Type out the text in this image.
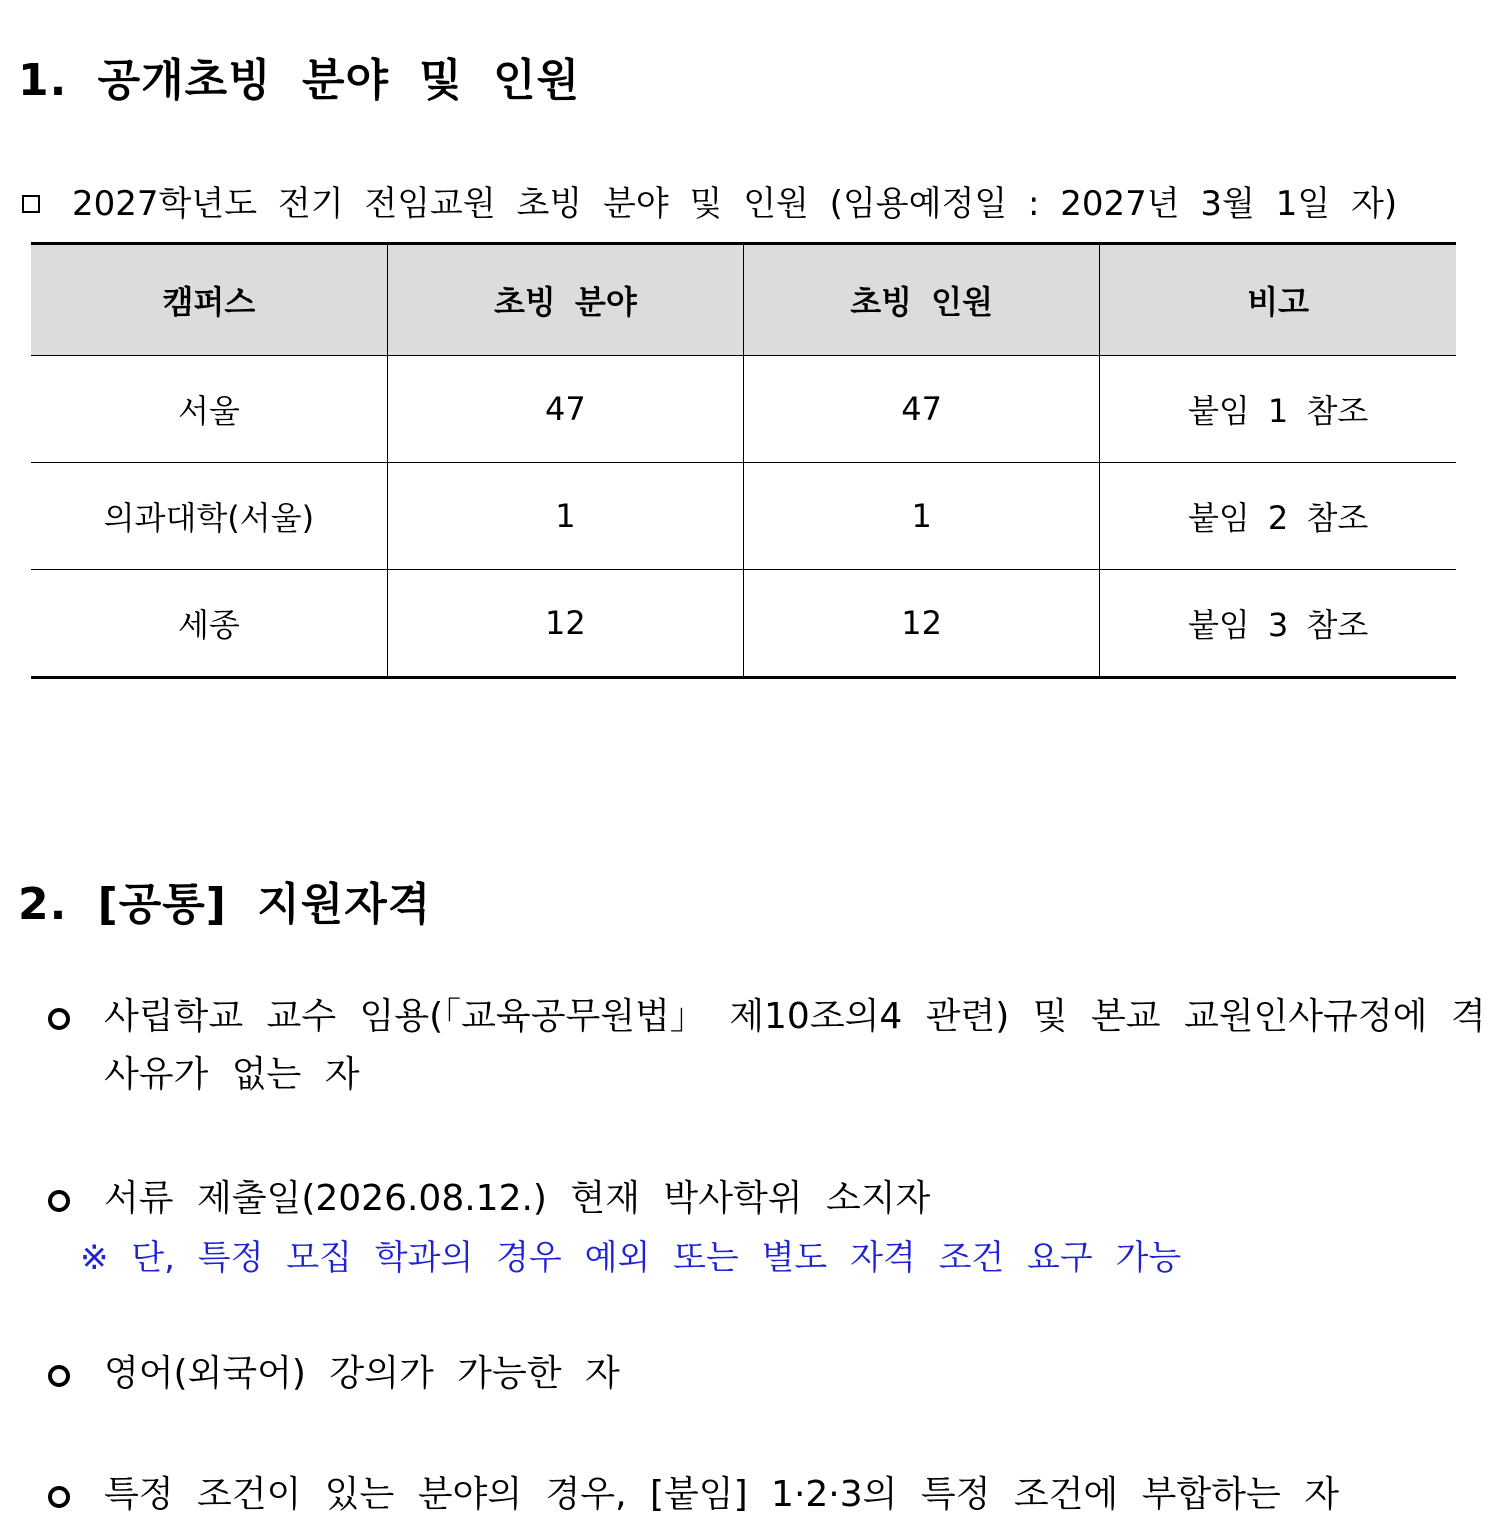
1. 공개초빙 분야 및 인원
2027학년도 전기 전임교원 초빙 분야 및 인원 (임용예정일 : 2027년 3월 1일 자)
캠퍼스	초빙 분야	초빙 인원	비고
서울	47	47	붙임 1 참조
의과대학(서울)	1	1	붙임 2 참조
세종	12	12	붙임 3 참조
2. [공통] 지원자격
사립학교 교수 임용(「교육공무원법」 제10조의4 관련) 및 본교 교원인사규정에 격사유가 없는 자
서류 제출일(2026.08.12.) 현재 박사학위 소지자
※ 단, 특정 모집 학과의 경우 예외 또는 별도 자격 조건 요구 가능
영어(외국어) 강의가 가능한 자
특정 조건이 있는 분야의 경우, [붙임] 1·2·3의 특정 조건에 부합하는 자
